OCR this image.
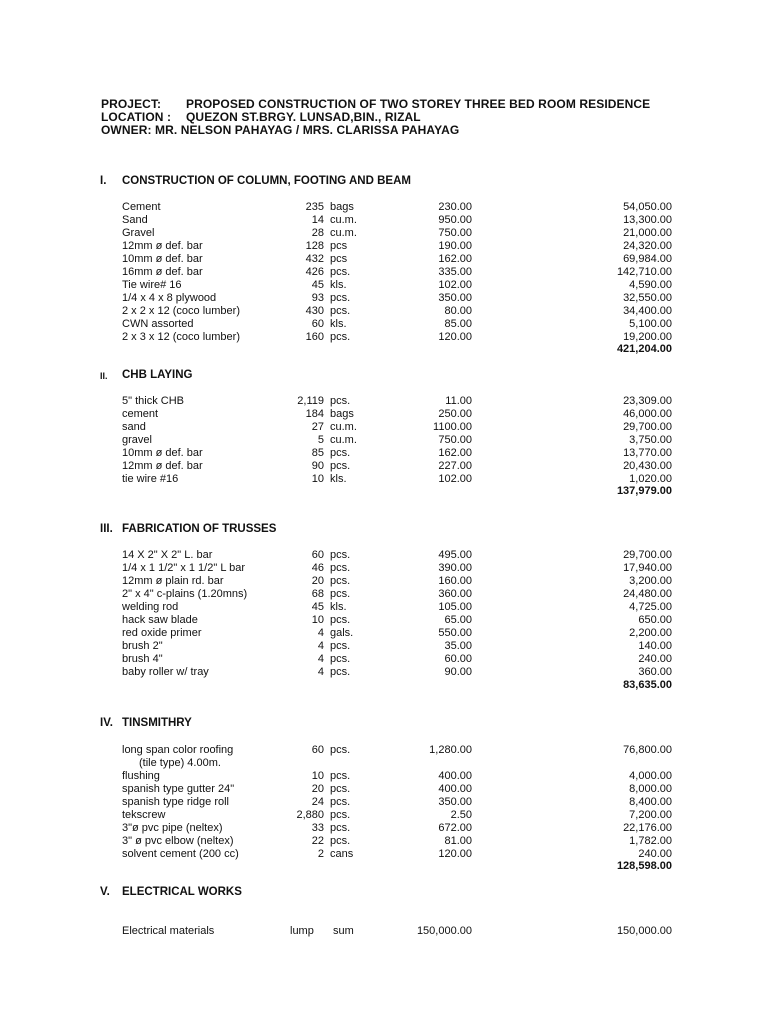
PROJECT: PROPOSED CONSTRUCTION OF TWO STOREY THREE BED ROOM RESIDENCE
LOCATION : QUEZON ST.BRGY. LUNSAD,BIN., RIZAL
OWNER: MR. NELSON PAHAYAG / MRS. CLARISSA PAHAYAG
I. CONSTRUCTION OF COLUMN, FOOTING AND BEAM
Cement	235 bags	230.00	54,050.00
Sand	14 cu.m.	950.00	13,300.00
Gravel	28 cu.m.	750.00	21,000.00
12mm ø def. bar	128 pcs	190.00	24,320.00
10mm ø def. bar	432 pcs	162.00	69,984.00
16mm ø def. bar	426 pcs.	335.00	142,710.00
Tie wire# 16	45 kls.	102.00	4,590.00
1/4 x 4 x 8 plywood	93 pcs.	350.00	32,550.00
2 x 2 x 12 (coco lumber)	430 pcs.	80.00	34,400.00
CWN assorted	60 kls.	85.00	5,100.00
2 x 3 x 12 (coco lumber)	160 pcs.	120.00	19,200.00
421,204.00
II. CHB LAYING
5" thick CHB	2,119 pcs.	11.00	23,309.00
cement	184 bags	250.00	46,000.00
sand	27 cu.m.	1100.00	29,700.00
gravel	5 cu.m.	750.00	3,750.00
10mm ø def. bar	85 pcs.	162.00	13,770.00
12mm ø def. bar	90 pcs.	227.00	20,430.00
tie wire #16	10 kls.	102.00	1,020.00
137,979.00
III. FABRICATION OF TRUSSES
14 X 2" X 2" L. bar	60 pcs.	495.00	29,700.00
1/4 x 1 1/2" x 1 1/2" L bar	46 pcs.	390.00	17,940.00
12mm ø plain rd. bar	20 pcs.	160.00	3,200.00
2" x 4" c-plains (1.20mns)	68 pcs.	360.00	24,480.00
welding rod	45 kls.	105.00	4,725.00
hack saw blade	10 pcs.	65.00	650.00
red oxide primer	4 gals.	550.00	2,200.00
brush 2"	4 pcs.	35.00	140.00
brush 4"	4 pcs.	60.00	240.00
baby roller w/ tray	4 pcs.	90.00	360.00
83,635.00
IV. TINSMITHRY
long span color roofing	60 pcs.	1,280.00	76,800.00
(tile type) 4.00m.
flushing	10 pcs.	400.00	4,000.00
spanish type gutter 24"	20 pcs.	400.00	8,000.00
spanish type ridge roll	24 pcs.	350.00	8,400.00
tekscrew	2,880 pcs.	2.50	7,200.00
3"ø pvc pipe (neltex)	33 pcs.	672.00	22,176.00
3" ø pvc elbow (neltex)	22 pcs.	81.00	1,782.00
solvent cement (200 cc)	2 cans	120.00	240.00
128,598.00
V. ELECTRICAL WORKS
Electrical materials	lump sum	150,000.00	150,000.00
